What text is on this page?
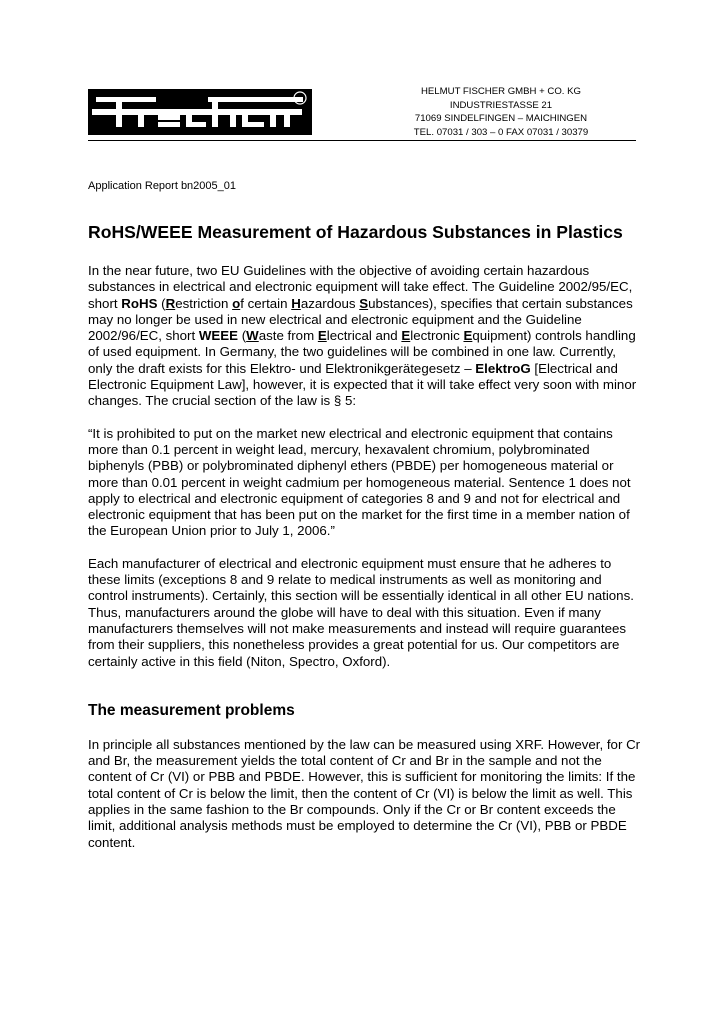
HELMUT FISCHER GMBH + CO. KG
INDUSTRIESTASSE 21
71069 SINDELFINGEN – MAICHINGEN
TEL. 07031 / 303 – 0 FAX 07031 / 30379
Application Report bn2005_01
RoHS/WEEE Measurement of Hazardous Substances in Plastics

In the near future, two EU Guidelines with the objective of avoiding certain hazardous substances in electrical and electronic equipment will take effect. The Guideline 2002/95/EC, short RoHS (Restriction of certain Hazardous Substances), specifies that certain substances may no longer be used in new electrical and electronic equipment and the Guideline 2002/96/EC, short WEEE (Waste from Electrical and Electronic Equipment) controls handling of used equipment. In Germany, the two guidelines will be combined in one law. Currently, only the draft exists for this Elektro- und Elektronikgerätegesetz – ElektroG [Electrical and Electronic Equipment Law], however, it is expected that it will take effect very soon with minor changes. The crucial section of the law is § 5:

“It is prohibited to put on the market new electrical and electronic equipment that contains more than 0.1 percent in weight lead, mercury, hexavalent chromium, polybrominated biphenyls (PBB) or polybrominated diphenyl ethers (PBDE) per homogeneous material or more than 0.01 percent in weight cadmium per homogeneous material. Sentence 1 does not apply to electrical and electronic equipment of categories 8 and 9 and not for electrical and electronic equipment that has been put on the market for the first time in a member nation of the European Union prior to July 1, 2006.”

Each manufacturer of electrical and electronic equipment must ensure that he adheres to these limits (exceptions 8 and 9 relate to medical instruments as well as monitoring and control instruments). Certainly, this section will be essentially identical in all other EU nations. Thus, manufacturers around the globe will have to deal with this situation. Even if many manufacturers themselves will not make measurements and instead will require guarantees from their suppliers, this nonetheless provides a great potential for us. Our competitors are certainly active in this field (Niton, Spectro, Oxford).

The measurement problems

In principle all substances mentioned by the law can be measured using XRF. However, for Cr and Br, the measurement yields the total content of Cr and Br in the sample and not the content of Cr (VI) or PBB and PBDE. However, this is sufficient for monitoring the limits: If the total content of Cr is below the limit, then the content of Cr (VI) is below the limit as well. This applies in the same fashion to the Br compounds. Only if the Cr or Br content exceeds the limit, additional analysis methods must be employed to determine the Cr (VI), PBB or PBDE content.
